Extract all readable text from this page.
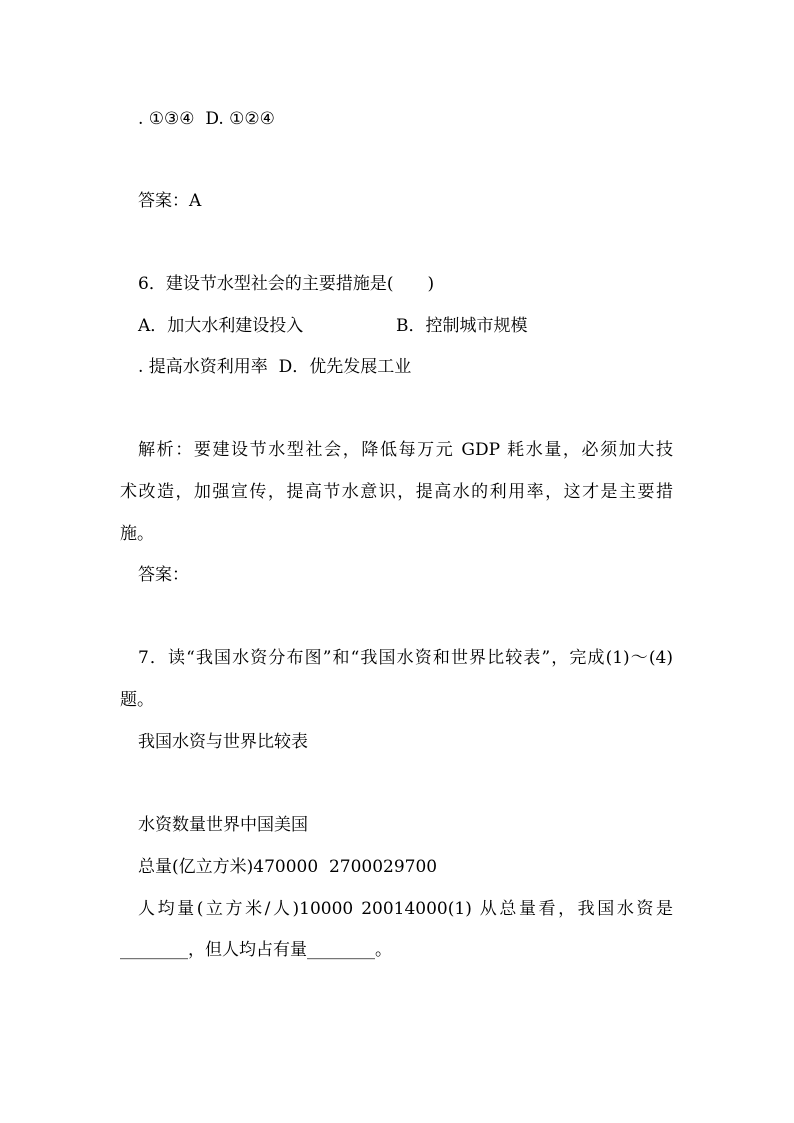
. ①③④  D. ①②④
答案：A
6．建设节水型社会的主要措施是(　　)
A．加大水利建设投入	B．控制城市规模
. 提高水资利用率  D．优先发展工业
解析：要建设节水型社会，降低每万元 GDP 耗水量，必须加大技
术改造，加强宣传，提高节水意识，提高水的利用率，这才是主要措
施。
答案：
7．读“我国水资分布图”和“我国水资和世界比较表”，完成(1)～(4)
题。
我国水资与世界比较表
水资数量世界中国美国
总量(亿立方米)470000  2700029700
人均量(立方米/人)10000 20014000(1) 从总量看，我国水资是
________，但人均占有量________。
